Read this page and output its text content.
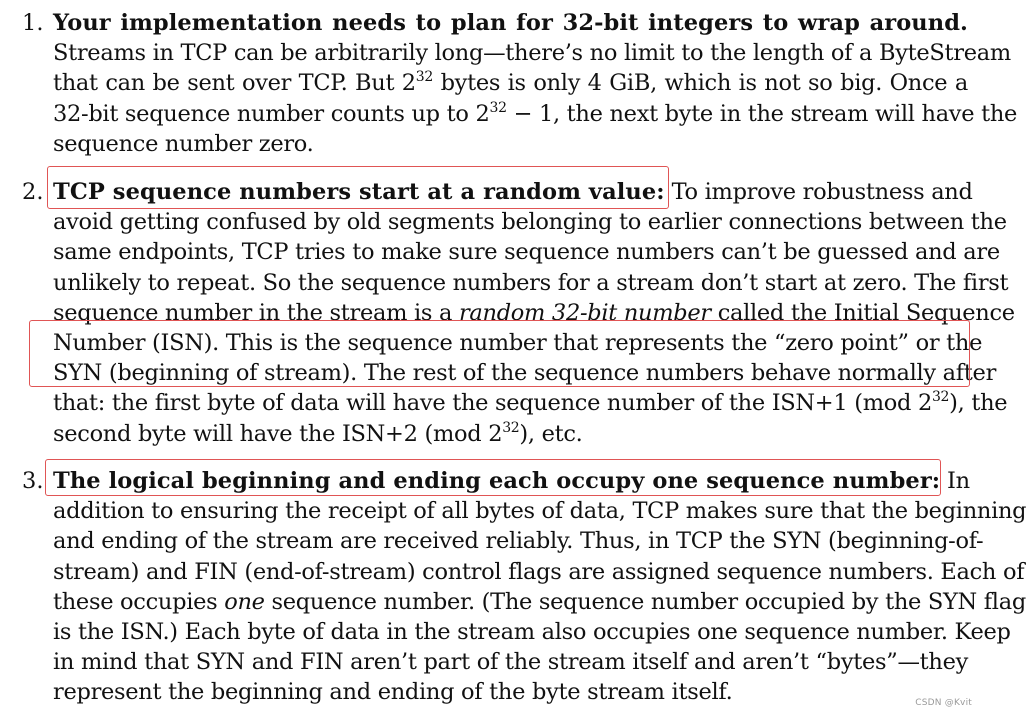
1. Your implementation needs to plan for 32-bit integers to wrap around.
Streams in TCP can be arbitrarily long—there’s no limit to the length of a ByteStream
that can be sent over TCP. But $2^{32}$ bytes is only 4 GiB, which is not so big. Once a
32-bit sequence number counts up to $2^{32} - 1$, the next byte in the stream will have the
sequence number zero.
2. TCP sequence numbers start at a random value: To improve robustness and
avoid getting confused by old segments belonging to earlier connections between the
same endpoints, TCP tries to make sure sequence numbers can’t be guessed and are
unlikely to repeat. So the sequence numbers for a stream don’t start at zero. The first
sequence number in the stream is a random 32-bit number called the Initial Sequence
Number (ISN). This is the sequence number that represents the “zero point” or the
SYN (beginning of stream). The rest of the sequence numbers behave normally after
that: the first byte of data will have the sequence number of the ISN+1 (mod $2^{32}$), the
second byte will have the ISN+2 (mod $2^{32}$), etc.
3. The logical beginning and ending each occupy one sequence number: In
addition to ensuring the receipt of all bytes of data, TCP makes sure that the beginning
and ending of the stream are received reliably. Thus, in TCP the SYN (beginning-of-
stream) and FIN (end-of-stream) control flags are assigned sequence numbers. Each of
these occupies one sequence number. (The sequence number occupied by the SYN flag
is the ISN.) Each byte of data in the stream also occupies one sequence number. Keep
in mind that SYN and FIN aren’t part of the stream itself and aren’t “bytes”—they
represent the beginning and ending of the byte stream itself.	CSDN @Kvit
